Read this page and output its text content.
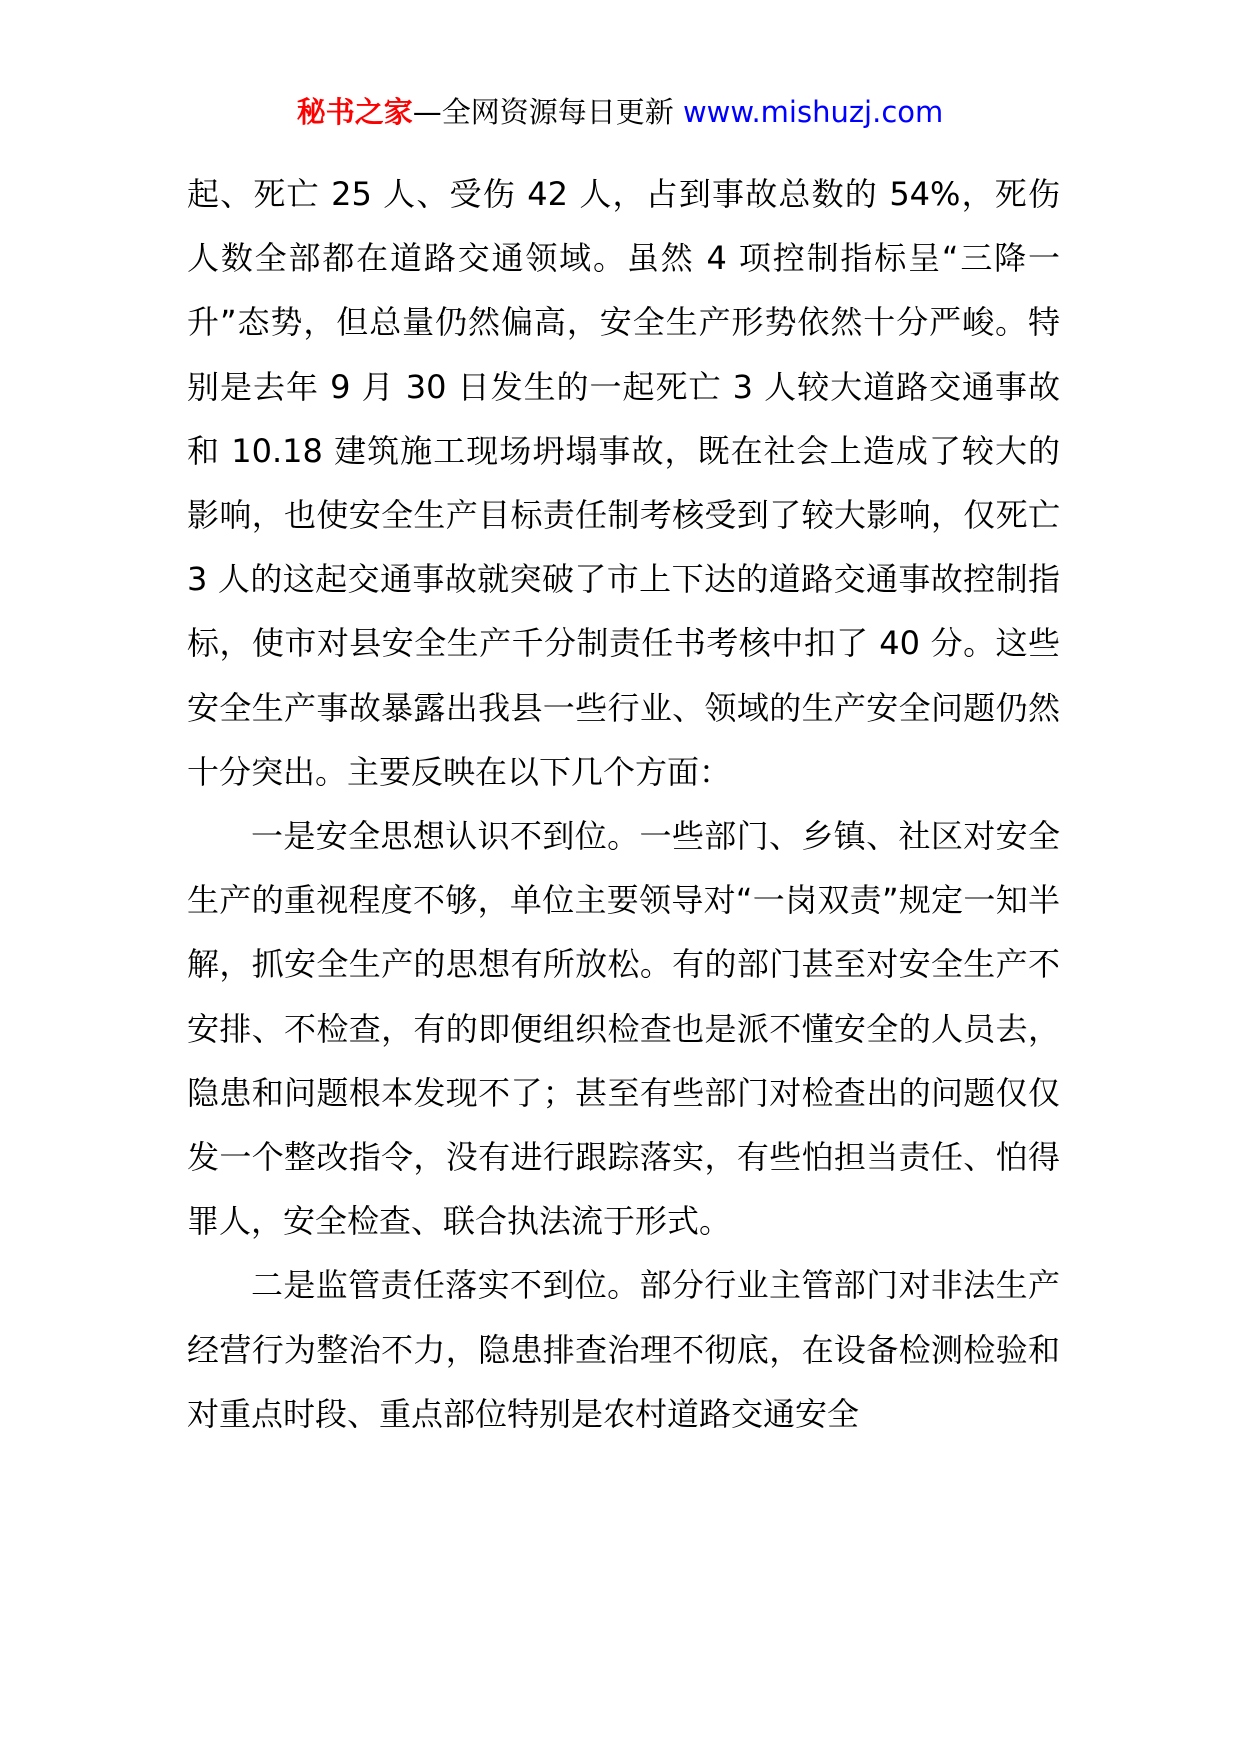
秘书之家—全网资源每日更新 www.mishuzj.com

起、死亡 25 人、受伤 42 人，占到事故总数的 54%，死伤人数全部都在道路交通领域。虽然 4 项控制指标呈“三降一升”态势，但总量仍然偏高，安全生产形势依然十分严峻。特别是去年 9 月 30 日发生的一起死亡 3 人较大道路交通事故和 10.18 建筑施工现场坍塌事故，既在社会上造成了较大的影响，也使安全生产目标责任制考核受到了较大影响，仅死亡 3 人的这起交通事故就突破了市上下达的道路交通事故控制指标，使市对县安全生产千分制责任书考核中扣了 40 分。这些安全生产事故暴露出我县一些行业、领域的生产安全问题仍然十分突出。主要反映在以下几个方面：

一是安全思想认识不到位。一些部门、乡镇、社区对安全生产的重视程度不够，单位主要领导对“一岗双责”规定一知半解，抓安全生产的思想有所放松。有的部门甚至对安全生产不安排、不检查，有的即便组织检查也是派不懂安全的人员去，隐患和问题根本发现不了；甚至有些部门对检查出的问题仅仅发一个整改指令，没有进行跟踪落实，有些怕担当责任、怕得罪人，安全检查、联合执法流于形式。

二是监管责任落实不到位。部分行业主管部门对非法生产经营行为整治不力，隐患排查治理不彻底，在设备检测检验和对重点时段、重点部位特别是农村道路交通安全
